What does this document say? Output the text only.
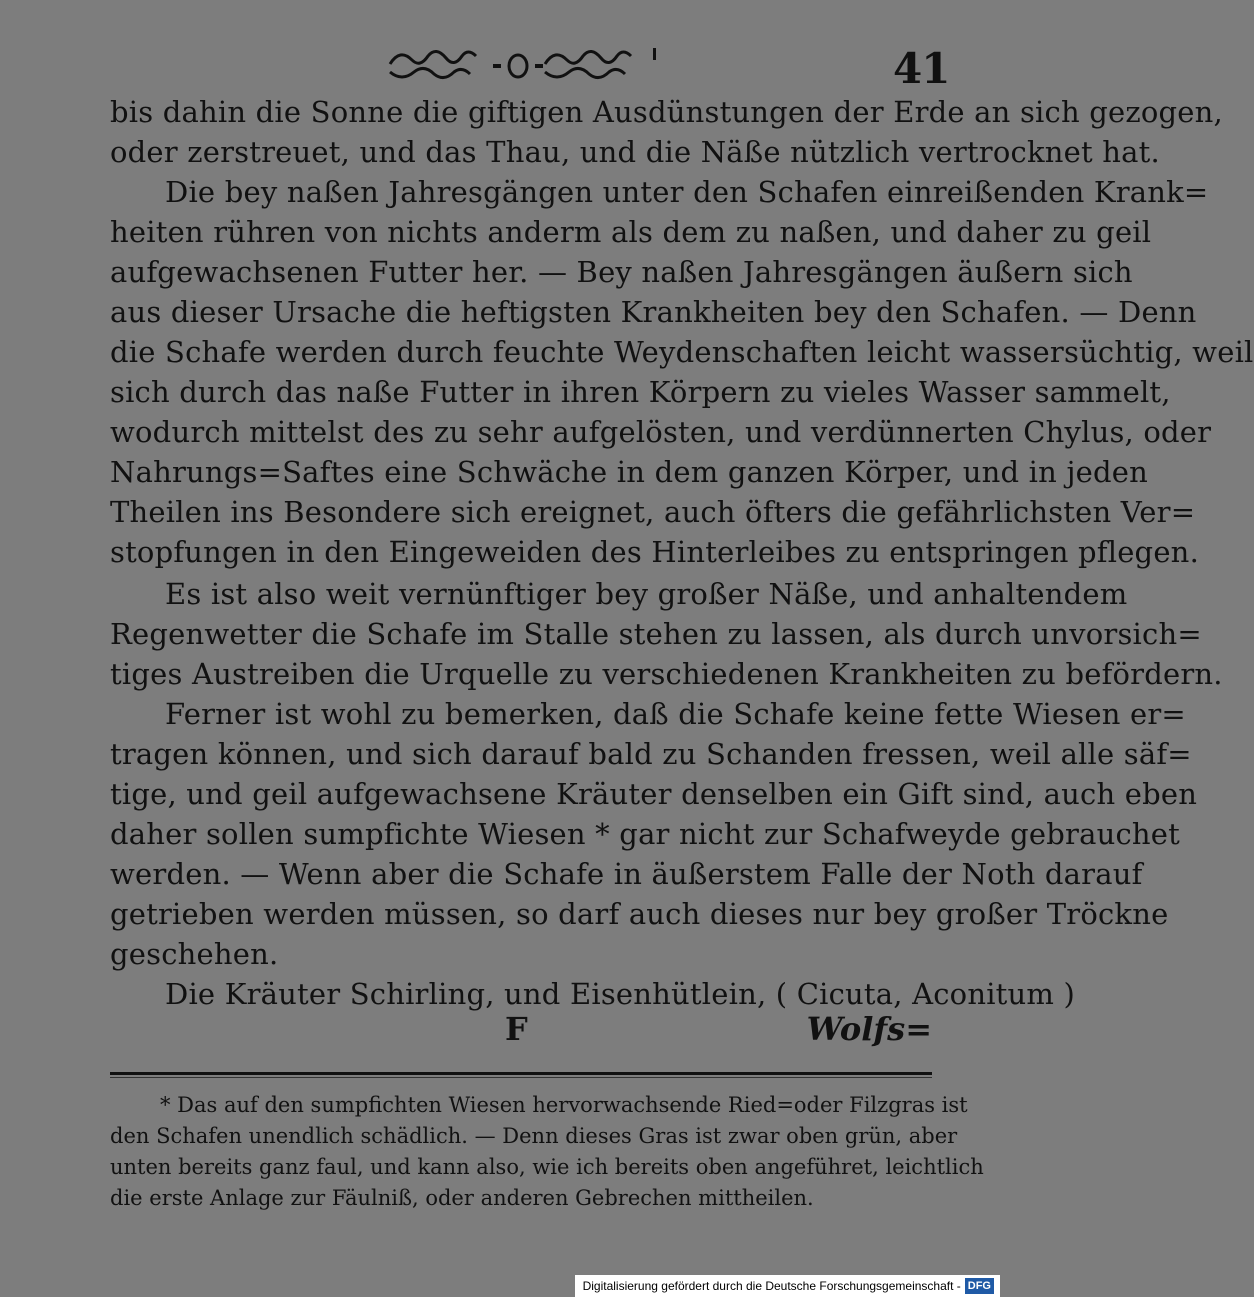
41
bis dahin die Sonne die giftigen Ausdünstungen der Erde an sich gezogen,
oder zerstreuet, und das Thau, und die Näße nützlich vertrocknet hat.
Die bey naßen Jahresgängen unter den Schafen einreißenden Krank=
heiten rühren von nichts anderm als dem zu naßen, und daher zu geil
aufgewachsenen Futter her. — Bey naßen Jahresgängen äußern sich
aus dieser Ursache die heftigsten Krankheiten bey den Schafen. — Denn
die Schafe werden durch feuchte Weydenschaften leicht wassersüchtig, weil
sich durch das naße Futter in ihren Körpern zu vieles Wasser sammelt,
wodurch mittelst des zu sehr aufgelösten, und verdünnerten Chylus, oder
Nahrungs=Saftes eine Schwäche in dem ganzen Körper, und in jeden
Theilen ins Besondere sich ereignet, auch öfters die gefährlichsten Ver=
stopfungen in den Eingeweiden des Hinterleibes zu entspringen pflegen.
Es ist also weit vernünftiger bey großer Näße, und anhaltendem
Regenwetter die Schafe im Stalle stehen zu lassen, als durch unvorsich=
tiges Austreiben die Urquelle zu verschiedenen Krankheiten zu befördern.
Ferner ist wohl zu bemerken, daß die Schafe keine fette Wiesen er=
tragen können, und sich darauf bald zu Schanden fressen, weil alle säf=
tige, und geil aufgewachsene Kräuter denselben ein Gift sind, auch eben
daher sollen sumpfichte Wiesen * gar nicht zur Schafweyde gebrauchet
werden. — Wenn aber die Schafe in äußerstem Falle der Noth darauf
getrieben werden müssen, so darf auch dieses nur bey großer Tröckne
geschehen.
Die Kräuter Schirling, und Eisenhütlein, ( Cicuta, Aconitum )
F	Wolfs=
* Das auf den sumpfichten Wiesen hervorwachsende Ried=oder Filzgras ist
den Schafen unendlich schädlich. — Denn dieses Gras ist zwar oben grün, aber
unten bereits ganz faul, und kann also, wie ich bereits oben angeführet, leichtlich
die erste Anlage zur Fäulniß, oder anderen Gebrechen mittheilen.
Digitalisierung gefördert durch die Deutsche Forschungsgemeinschaft - DFG
